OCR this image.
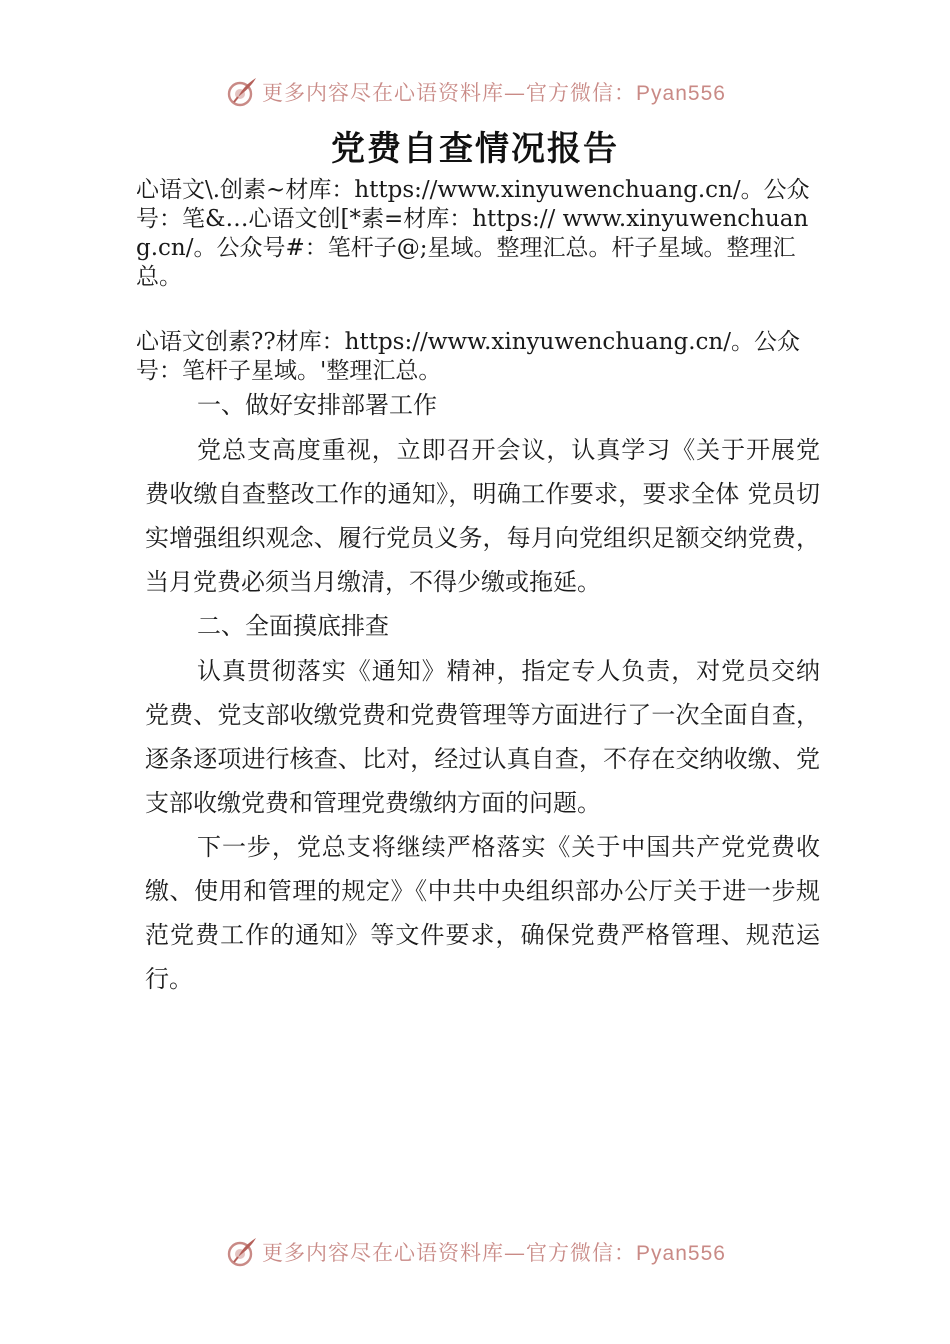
更多内容尽在心语资料库—官方微信：Pyan556
党费自查情况报告
心语文\.创素~材库：https://www.xinyuwenchuang.cn/。公众号：笔&…心语文创[*素=材库：https:// www.xinyuwenchuang.cn/。公众号#：笔杆子@;星域。整理汇总。杆子星域。整理汇总。
心语文创素??材库：https://www.xinyuwenchuang.cn/。公众号：笔杆子星域。'整理汇总。
一、做好安排部署工作

党总支高度重视，立即召开会议，认真学习《关于开展党费收缴自查整改工作的通知》，明确工作要求，要求全体 党员切实增强组织观念、履行党员义务，每月向党组织足额交纳党费，当月党费必须当月缴清，不得少缴或拖延。

二、全面摸底排查

认真贯彻落实《通知》精神，指定专人负责，对党员交纳党费、党支部收缴党费和党费管理等方面进行了一次全面自查，逐条逐项进行核查、比对，经过认真自查，不存在交纳收缴、党支部收缴党费和管理党费缴纳方面的问题。

下一步，党总支将继续严格落实《关于中国共产党党费收缴、使用和管理的规定》《中共中央组织部办公厅关于进一步规范党费工作的通知》等文件要求，确保党费严格管理、规范运行。

更多内容尽在心语资料库—官方微信：Pyan556
